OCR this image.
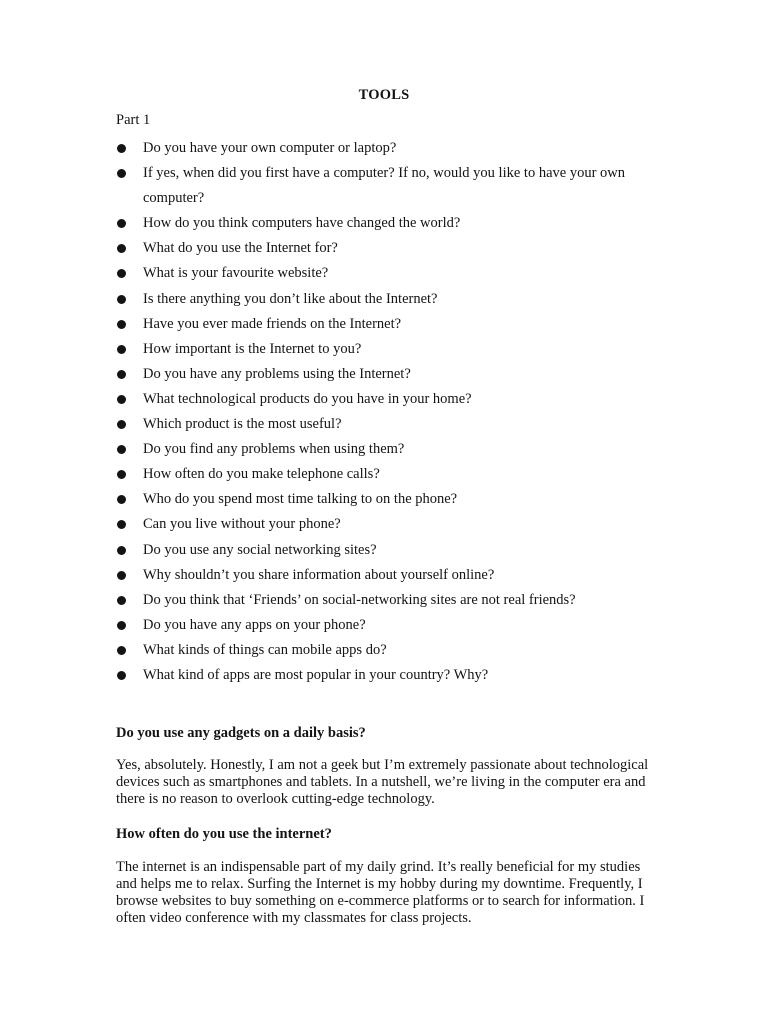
TOOLS
Part 1
Do you have your own computer or laptop?
If yes, when did you first have a computer? If no, would you like to have your own computer?
How do you think computers have changed the world?
What do you use the Internet for?
What is your favourite website?
Is there anything you don’t like about the Internet?
Have you ever made friends on the Internet?
How important is the Internet to you?
Do you have any problems using the Internet?
What technological products do you have in your home?
Which product is the most useful?
Do you find any problems when using them?
How often do you make telephone calls?
Who do you spend most time talking to on the phone?
Can you live without your phone?
Do you use any social networking sites?
Why shouldn’t you share information about yourself online?
Do you think that ‘Friends’ on social-networking sites are not real friends?
Do you have any apps on your phone?
What kinds of things can mobile apps do?
What kind of apps are most popular in your country? Why?
Do you use any gadgets on a daily basis?
Yes, absolutely. Honestly, I am not a geek but I’m extremely passionate about technological devices such as smartphones and tablets. In a nutshell, we’re living in the computer era and there is no reason to overlook cutting-edge technology.
How often do you use the internet?
The internet is an indispensable part of my daily grind. It’s really beneficial for my studies and helps me to relax. Surfing the Internet is my hobby during my downtime. Frequently, I browse websites to buy something on e-commerce platforms or to search for information. I often video conference with my classmates for class projects.
